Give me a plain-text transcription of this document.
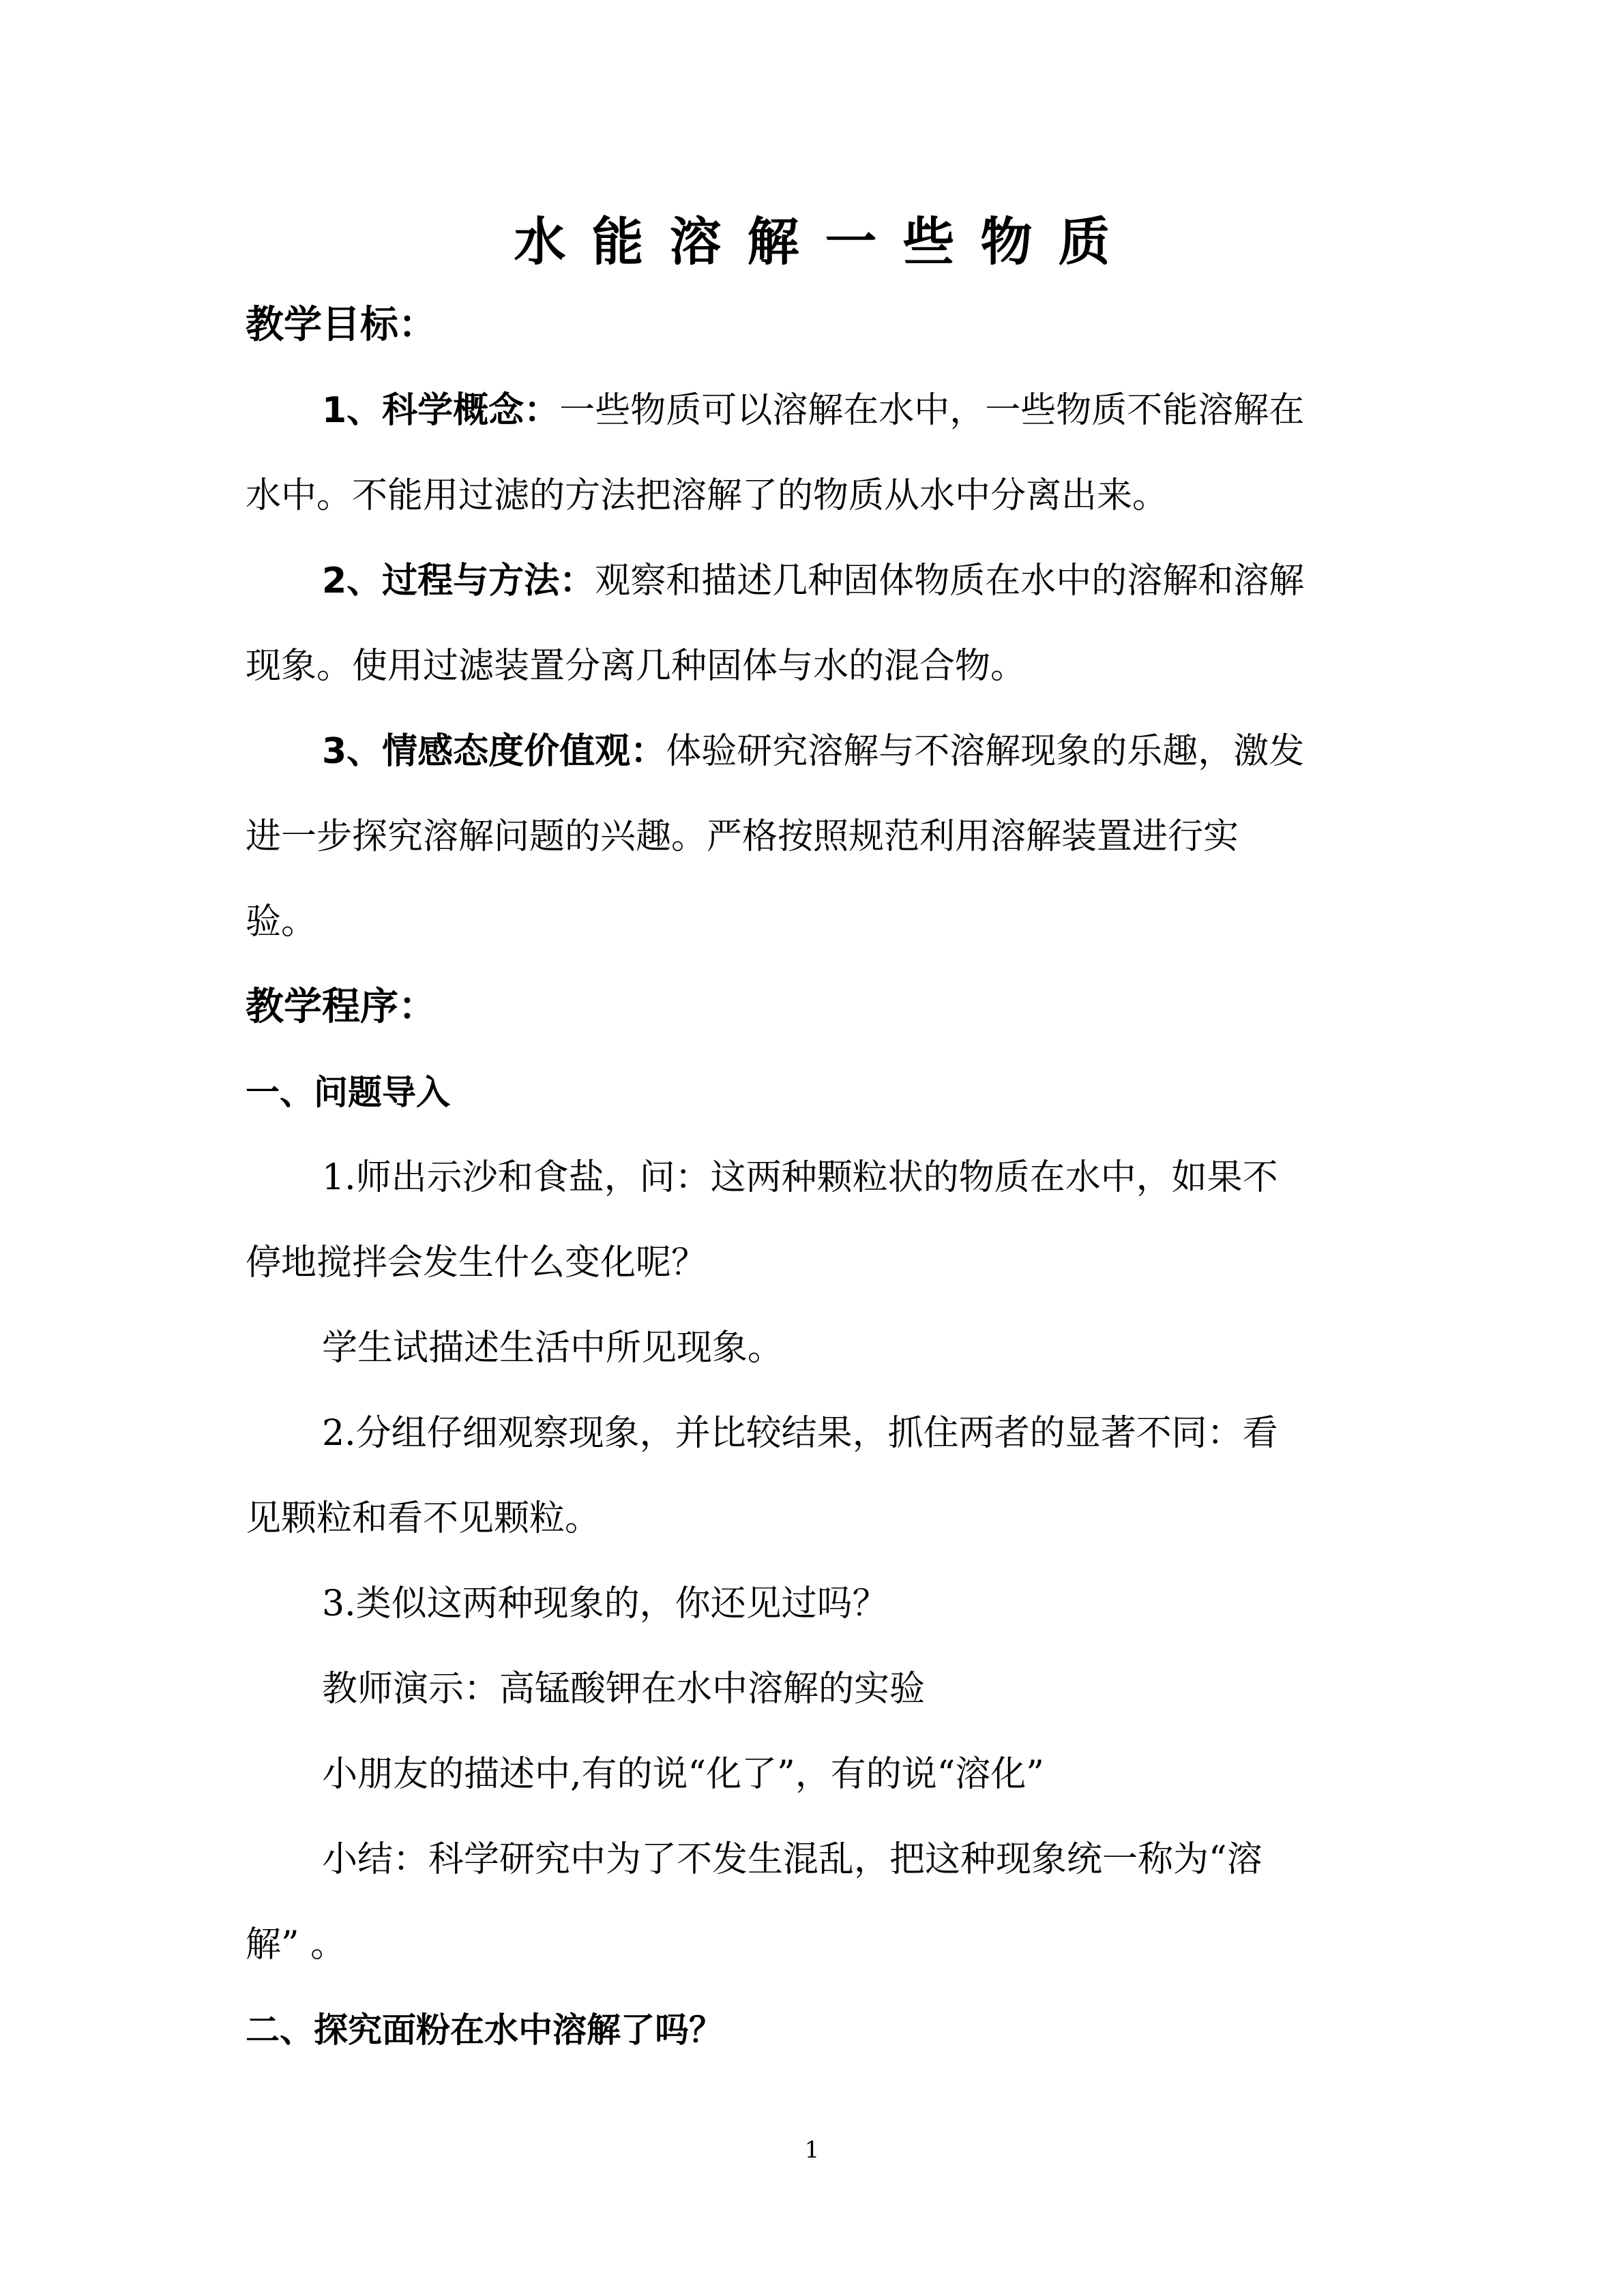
水能溶解一些物质
教学目标：
1、科学概念：一些物质可以溶解在水中，一些物质不能溶解在
水中。不能用过滤的方法把溶解了的物质从水中分离出来。
2、过程与方法：观察和描述几种固体物质在水中的溶解和溶解
现象。使用过滤装置分离几种固体与水的混合物。
3、情感态度价值观：体验研究溶解与不溶解现象的乐趣，激发
进一步探究溶解问题的兴趣。严格按照规范利用溶解装置进行实
验。
教学程序：
一、问题导入
1.师出示沙和食盐，问：这两种颗粒状的物质在水中，如果不
停地搅拌会发生什么变化呢？
学生试描述生活中所见现象。
2.分组仔细观察现象，并比较结果，抓住两者的显著不同：看
见颗粒和看不见颗粒。
3.类似这两种现象的，你还见过吗？
教师演示：高锰酸钾在水中溶解的实验
小朋友的描述中,有的说“化了”，有的说“溶化”
小结：科学研究中为了不发生混乱，把这种现象统一称为“溶
解” 。
二、探究面粉在水中溶解了吗？
1
